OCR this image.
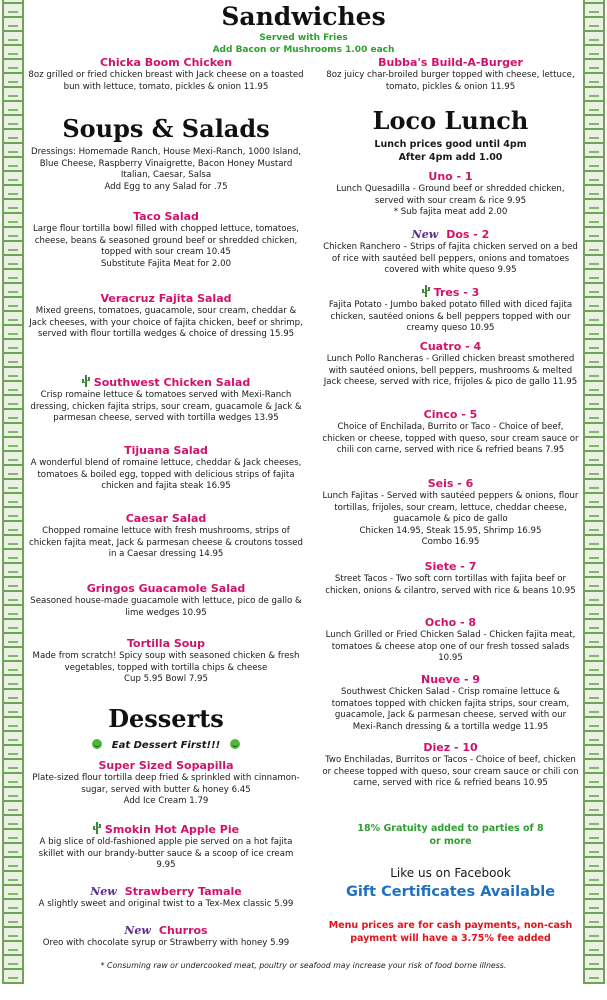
Sandwiches
Served with Fries
Add Bacon or Mushrooms 1.00 each
Chicka Boom Chicken
8oz grilled or fried chicken breast with Jack cheese on a toasted bun with lettuce, tomato, pickles & onion 11.95
Soups & Salads
Dressings: Homemade Ranch, House Mexi-Ranch, 1000 Island, Blue Cheese, Raspberry Vinaigrette, Bacon Honey Mustard Italian, Caesar, Salsa
Add Egg to any Salad for .75
Taco Salad
Large flour tortilla bowl filled with chopped lettuce, tomatoes, cheese, beans & seasoned ground beef or shredded chicken, topped with sour cream 10.45
Substitute Fajita Meat for 2.00
Veracruz Fajita Salad
Mixed greens, tomatoes, guacamole, sour cream, cheddar & Jack cheeses, with your choice of fajita chicken, beef or shrimp, served with flour tortilla wedges & choice of dressing 15.95
Southwest Chicken Salad
Crisp romaine lettuce & tomatoes served with Mexi-Ranch dressing, chicken fajita strips, sour cream, guacamole & Jack & parmesan cheese, served with tortilla wedges 13.95
Tijuana Salad
A wonderful blend of romaine lettuce, cheddar & Jack cheeses, tomatoes & boiled egg, topped with delicious strips of fajita chicken and fajita steak 16.95
Caesar Salad
Chopped romaine lettuce with fresh mushrooms, strips of chicken fajita meat, Jack & parmesan cheese & croutons tossed in a Caesar dressing 14.95
Gringos Guacamole Salad
Seasoned house-made guacamole with lettuce, pico de gallo & lime wedges 10.95
Tortilla Soup
Made from scratch! Spicy soup with seasoned chicken & fresh vegetables, topped with tortilla chips & cheese
Cup 5.95 Bowl 7.95
Desserts
Eat Dessert First!!!
Super Sized Sopapilla
Plate-sized flour tortilla deep fried & sprinkled with cinnamon-sugar, served with butter & honey 6.45
Add Ice Cream 1.79
Smokin Hot Apple Pie
A big slice of old-fashioned apple pie served on a hot fajita skillet with our brandy-butter sauce & a scoop of ice cream 9.95
New Strawberry Tamale
A slightly sweet and original twist to a Tex-Mex classic 5.99
New Churros
Oreo with chocolate syrup or Strawberry with honey 5.99
Bubba's Build-A-Burger
8oz juicy char-broiled burger topped with cheese, lettuce, tomato, pickles & onion 11.95
Loco Lunch
Lunch prices good until 4pm
After 4pm add 1.00
Uno - 1
Lunch Quesadilla - Ground beef or shredded chicken, served with sour cream & rice 9.95
* Sub fajita meat add 2.00
New Dos - 2
Chicken Ranchero – Strips of fajita chicken served on a bed of rice with sautéed bell peppers, onions and tomatoes covered with white queso 9.95
Tres - 3
Fajita Potato - Jumbo baked potato filled with diced fajita chicken, sautéed onions & bell peppers topped with our creamy queso 10.95
Cuatro - 4
Lunch Pollo Rancheras - Grilled chicken breast smothered with sautéed onions, bell peppers, mushrooms & melted Jack cheese, served with rice, frijoles & pico de gallo 11.95
Cinco - 5
Choice of Enchilada, Burrito or Taco - Choice of beef, chicken or cheese, topped with queso, sour cream sauce or chili con carne, served with rice & refried beans 7.95
Seis - 6
Lunch Fajitas - Served with sautéed peppers & onions, flour tortillas, frijoles, sour cream, lettuce, cheddar cheese, guacamole & pico de gallo
Chicken 14.95, Steak 15.95, Shrimp 16.95
Combo 16.95
Siete - 7
Street Tacos - Two soft corn tortillas with fajita beef or chicken, onions & cilantro, served with rice & beans 10.95
Ocho - 8
Lunch Grilled or Fried Chicken Salad - Chicken fajita meat, tomatoes & cheese atop one of our fresh tossed salads 10.95
Nueve - 9
Southwest Chicken Salad - Crisp romaine lettuce & tomatoes topped with chicken fajita strips, sour cream, guacamole, Jack & parmesan cheese, served with our Mexi-Ranch dressing & a tortilla wedge 11.95
Diez - 10
Two Enchiladas, Burritos or Tacos - Choice of beef, chicken or cheese topped with queso, sour cream sauce or chili con carne, served with rice & refried beans 10.95
18% Gratuity added to parties of 8 or more
Like us on Facebook
Gift Certificates Available
Menu prices are for cash payments, non-cash payment will have a 3.75% fee added
* Consuming raw or undercooked meat, poultry or seafood may increase your risk of food borne illness.
